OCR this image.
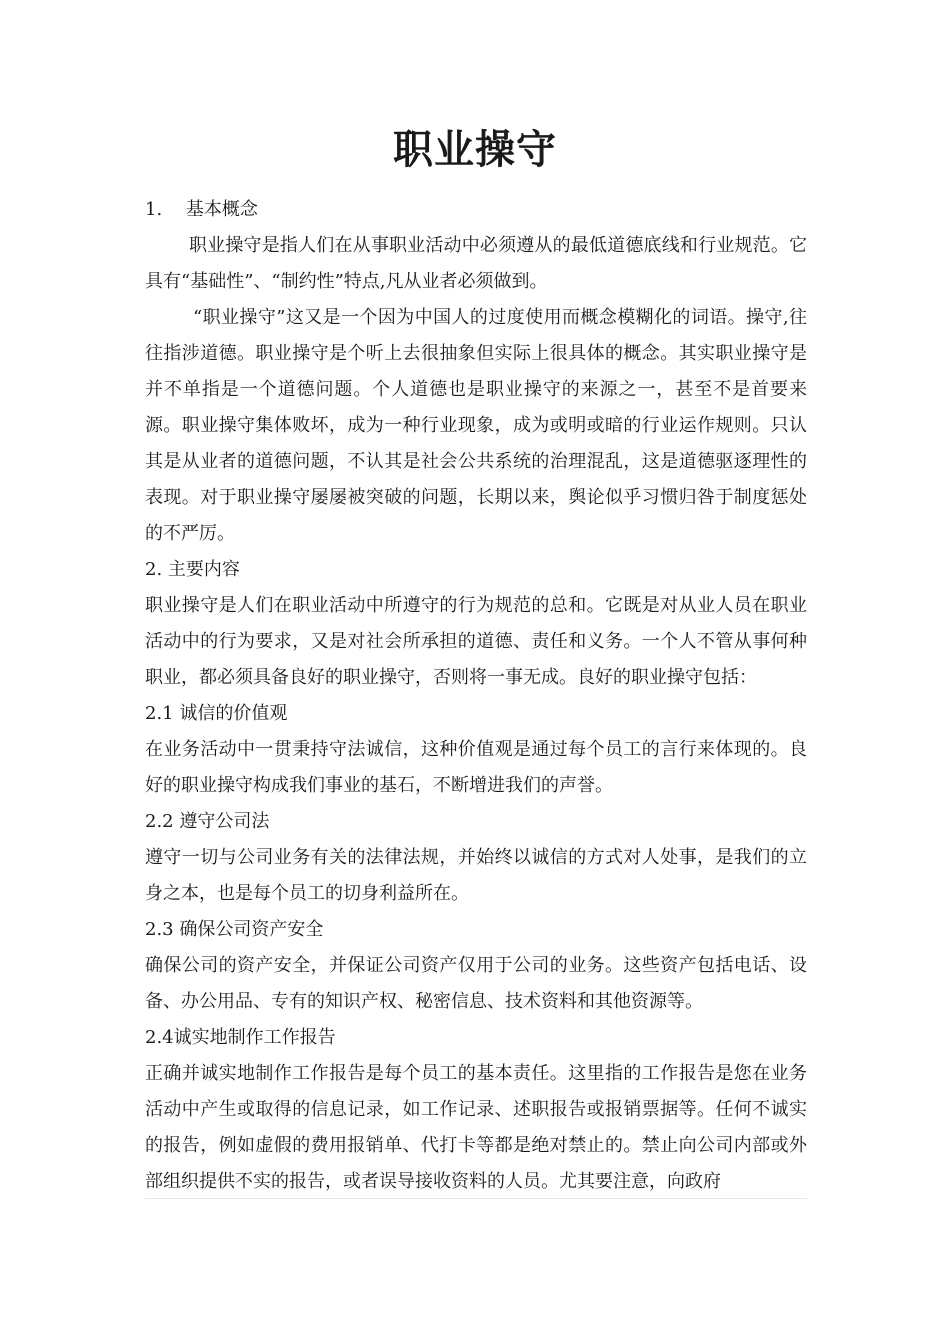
职业操守
1.　 基本概念
职业操守是指人们在从事职业活动中必须遵从的最低道德底线和行业规范。它具有“基础性”、“制约性”特点,凡从业者必须做到。
“职业操守”这又是一个因为中国人的过度使用而概念模糊化的词语。操守,往往指涉道德。职业操守是个听上去很抽象但实际上很具体的概念。其实职业操守是并不单指是一个道德问题。个人道德也是职业操守的来源之一，甚至不是首要来源。职业操守集体败坏，成为一种行业现象，成为或明或暗的行业运作规则。只认其是从业者的道德问题，不认其是社会公共系统的治理混乱，这是道德驱逐理性的表现。对于职业操守屡屡被突破的问题，长期以来，舆论似乎习惯归咎于制度惩处的不严厉。
2. 主要内容
职业操守是人们在职业活动中所遵守的行为规范的总和。它既是对从业人员在职业活动中的行为要求，又是对社会所承担的道德、责任和义务。一个人不管从事何种职业，都必须具备良好的职业操守，否则将一事无成。良好的职业操守包括：
2.1 诚信的价值观
在业务活动中一贯秉持守法诚信，这种价值观是通过每个员工的言行来体现的。良好的职业操守构成我们事业的基石，不断增进我们的声誉。
2.2 遵守公司法
遵守一切与公司业务有关的法律法规，并始终以诚信的方式对人处事，是我们的立身之本，也是每个员工的切身利益所在。
2.3 确保公司资产安全
确保公司的资产安全，并保证公司资产仅用于公司的业务。这些资产包括电话、设备、办公用品、专有的知识产权、秘密信息、技术资料和其他资源等。
2.4诚实地制作工作报告
正确并诚实地制作工作报告是每个员工的基本责任。这里指的工作报告是您在业务活动中产生或取得的信息记录，如工作记录、述职报告或报销票据等。任何不诚实的报告，例如虚假的费用报销单、代打卡等都是绝对禁止的。禁止向公司内部或外部组织提供不实的报告，或者误导接收资料的人员。尤其要注意，向政府
